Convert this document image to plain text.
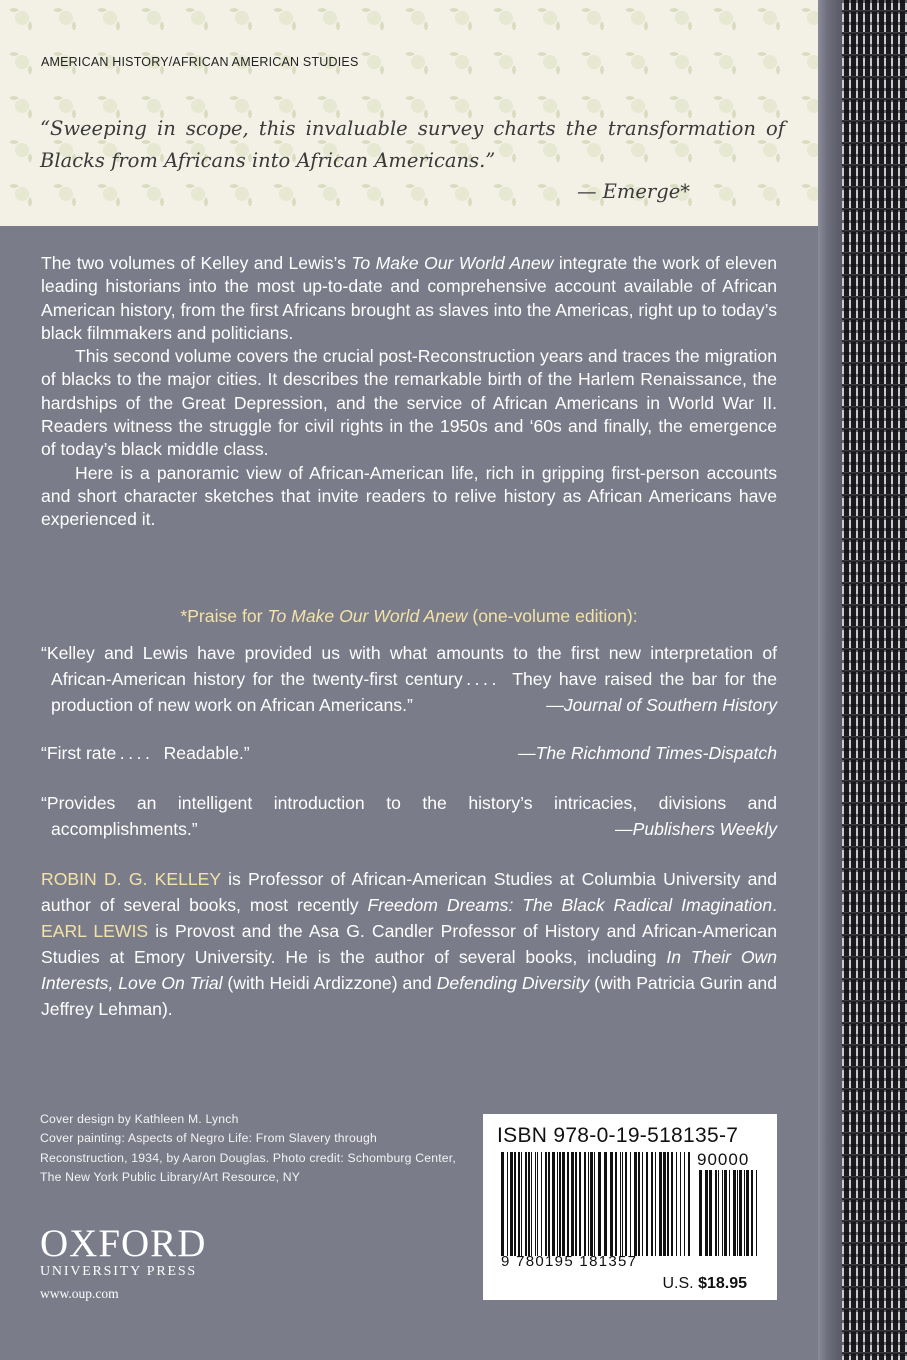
AMERICAN HISTORY/AFRICAN AMERICAN STUDIES
“Sweeping in scope, this invaluable survey charts the transformation of Blacks from Africans into African Americans.”
— Emerge*

The two volumes of Kelley and Lewis’s To Make Our World Anew integrate the work of eleven leading historians into the most up-to-date and comprehensive account available of African American history, from the first Africans brought as slaves into the Americas, right up to today’s black filmmakers and politicians.

This second volume covers the crucial post-Reconstruction years and traces the migration of blacks to the major cities. It describes the remarkable birth of the Harlem Renaissance, the hardships of the Great Depression, and the service of African Americans in World War II. Readers witness the struggle for civil rights in the 1950s and ‘60s and finally, the emergence of today’s black middle class.

Here is a panoramic view of African-American life, rich in gripping first-person accounts and short character sketches that invite readers to relive history as African Americans have experienced it.

*Praise for To Make Our World Anew (one-volume edition):
“Kelley and Lewis have provided us with what amounts to the first new interpretation of African-American history for the twenty-first century . . . .  They have raised the bar for the production of new work on African Americans.”	—Journal of Southern History
“First rate . . . .  Readable.”	—The Richmond Times-Dispatch
“Provides an intelligent introduction to the history’s intricacies, divisions and accomplishments.”	—Publishers Weekly
ROBIN D. G. KELLEY is Professor of African-American Studies at Columbia University and author of several books, most recently Freedom Dreams: The Black Radical Imagination. EARL LEWIS is Provost and the Asa G. Candler Professor of History and African-American Studies at Emory University. He is the author of several books, including In Their Own Interests, Love On Trial (with Heidi Ardizzone) and Defending Diversity (with Patricia Gurin and Jeffrey Lehman).
Cover design by Kathleen M. Lynch
Cover painting: Aspects of Negro Life: From Slavery through Reconstruction, 1934, by Aaron Douglas. Photo credit: Schomburg Center, The New York Public Library/Art Resource, NY
OXFORD
UNIVERSITY PRESS
www.oup.com
ISBN 978-0-19-518135-7
90000
9 780195 181357
U.S. $18.95
